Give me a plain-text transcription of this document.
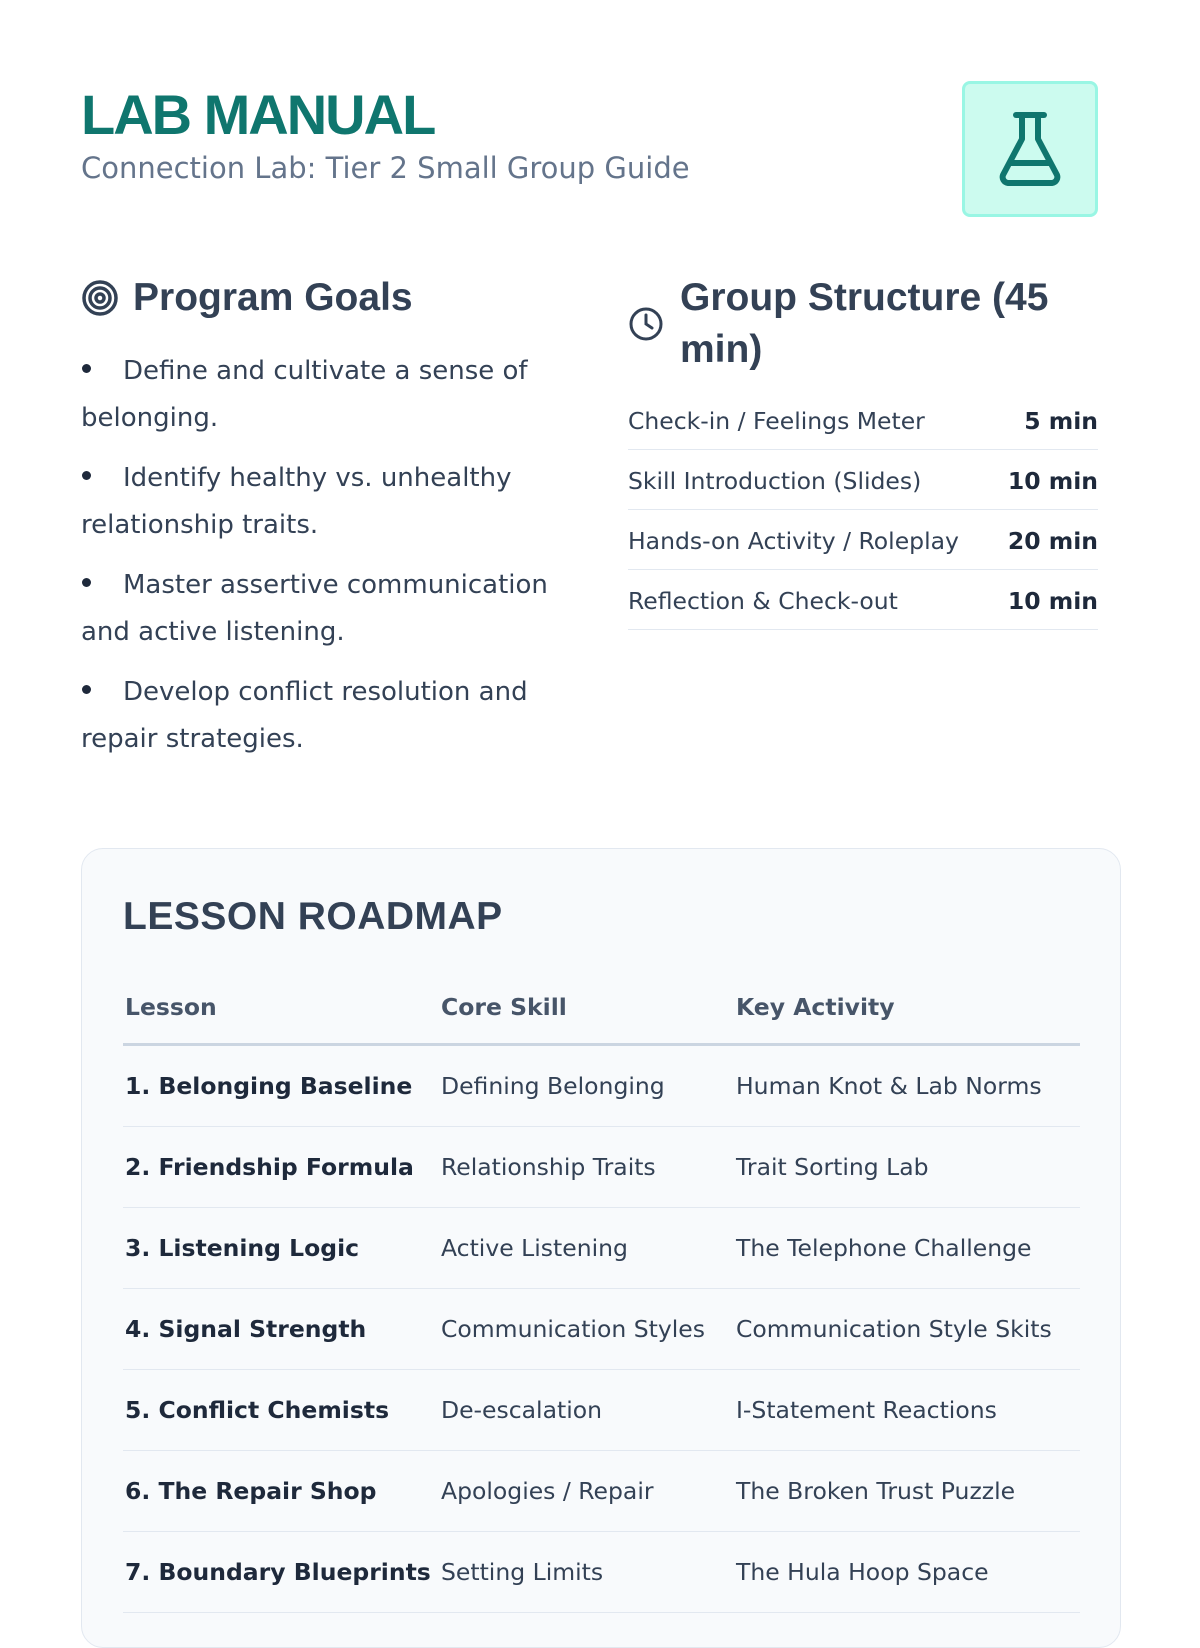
LAB MANUAL
Connection Lab: Tier 2 Small Group Guide
Program Goals
Define and cultivate a sense of belonging.
Identify healthy vs. unhealthy relationship traits.
Master assertive communication and active listening.
Develop conflict resolution and repair strategies.
Group Structure (45 min)
Check-in / Feelings Meter	5 min
Skill Introduction (Slides)	10 min
Hands-on Activity / Roleplay 20 min
Reflection & Check-out	10 min
LESSON ROADMAP
Lesson	Core Skill	Key Activity
1. Belonging Baseline	Defining Belonging	Human Knot & Lab Norms
2. Friendship Formula	Relationship Traits	Trait Sorting Lab
3. Listening Logic	Active Listening	The Telephone Challenge
4. Signal Strength	Communication Styles	Communication Style Skits
5. Conflict Chemists	De-escalation	I-Statement Reactions
6. The Repair Shop	Apologies / Repair	The Broken Trust Puzzle
7. Boundary Blueprints	Setting Limits	The Hula Hoop Space
